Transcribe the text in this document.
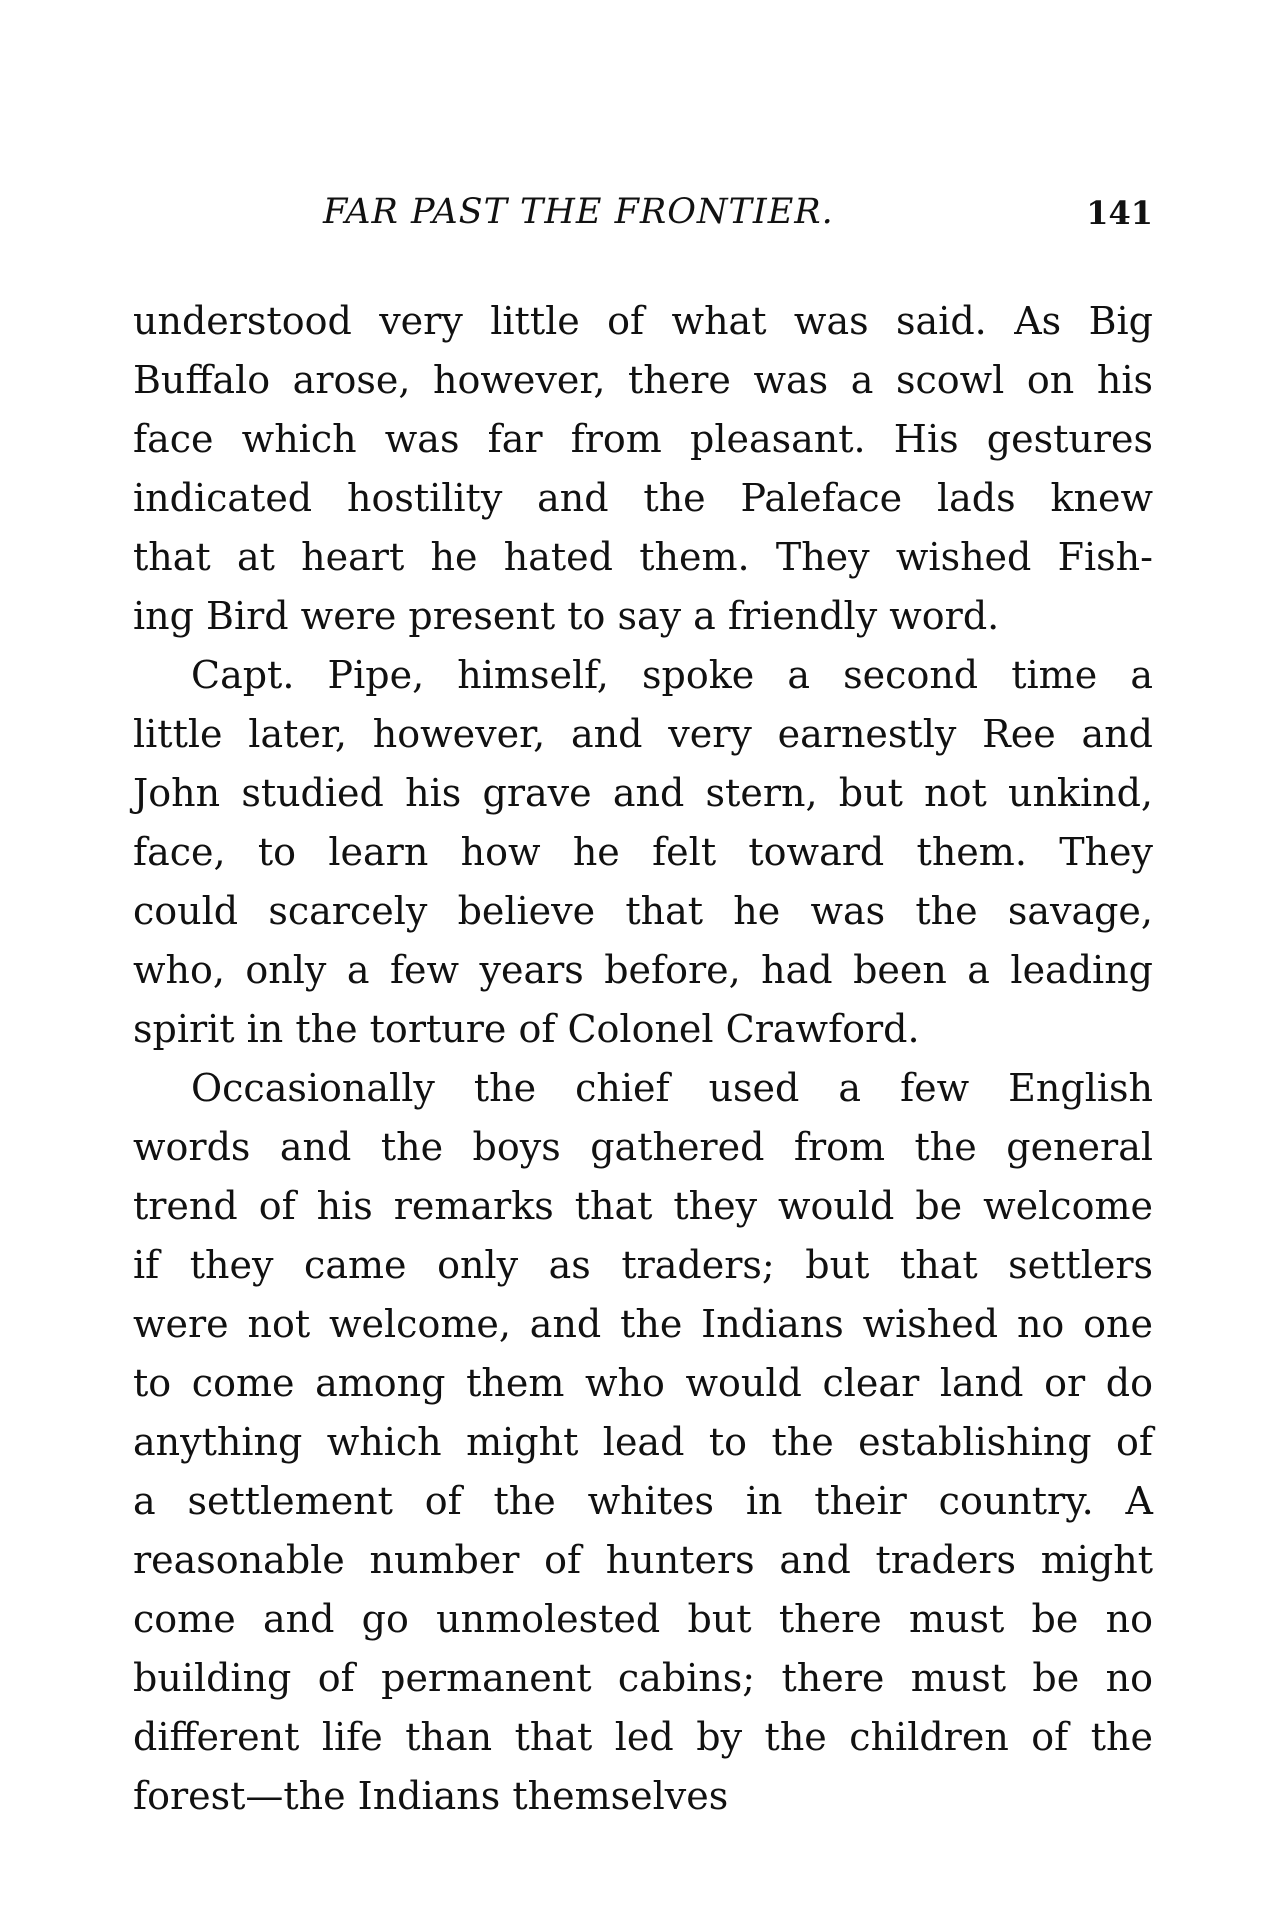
FAR PAST THE FRONTIER.	141
understood very little of what was said. As Big
Buffalo arose, however, there was a scowl on his
face which was far from pleasant. His gestures
indicated hostility and the Paleface lads knew
that at heart he hated them. They wished Fish-
ing Bird were present to say a friendly word.
Capt. Pipe, himself, spoke a second time a
little later, however, and very earnestly Ree and
John studied his grave and stern, but not unkind,
face, to learn how he felt toward them. They
could scarcely believe that he was the savage,
who, only a few years before, had been a leading
spirit in the torture of Colonel Crawford.
Occasionally the chief used a few English
words and the boys gathered from the general
trend of his remarks that they would be welcome
if they came only as traders; but that settlers
were not welcome, and the Indians wished no one
to come among them who would clear land or do
anything which might lead to the establishing of
a settlement of the whites in their country. A
reasonable number of hunters and traders might
come and go unmolested but there must be no
building of permanent cabins; there must be no
different life than that led by the children of the
forest—the Indians themselves
